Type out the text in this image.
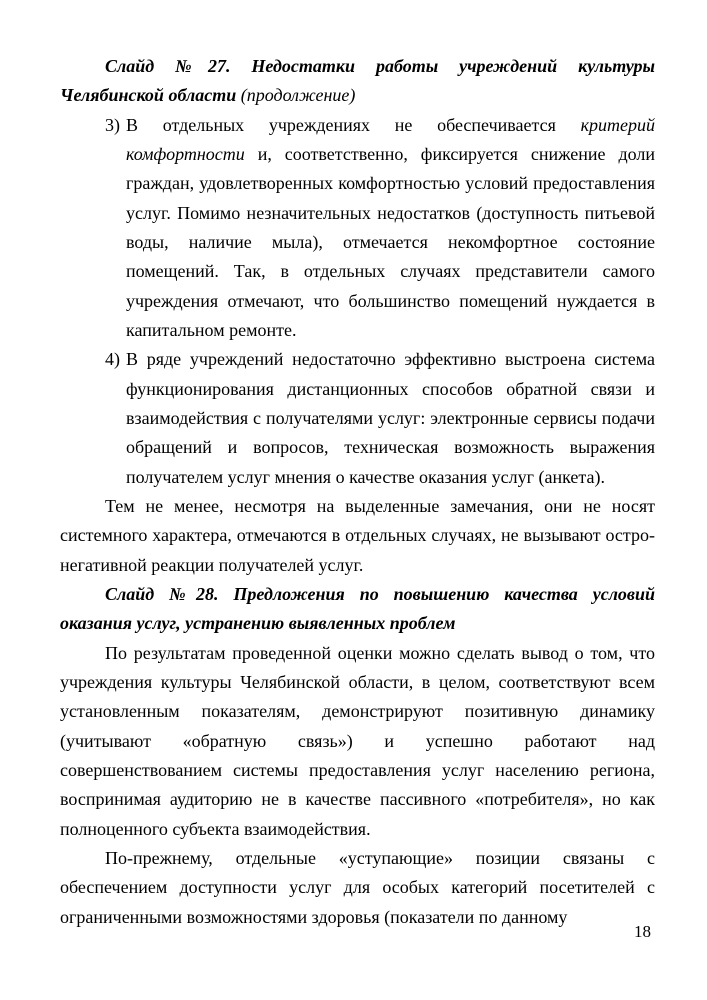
Слайд №27. Недостатки работы учреждений культуры Челябинской области (продолжение)

3) В отдельных учреждениях не обеспечивается критерий комфортности и, соответственно, фиксируется снижение доли граждан, удовлетворенных комфортностью условий предоставления услуг. Помимо незначительных недостатков (доступность питьевой воды, наличие мыла), отмечается некомфортное состояние помещений. Так, в отдельных случаях представители самого учреждения отмечают, что большинство помещений нуждается в капитальном ремонте.
4) В ряде учреждений недостаточно эффективно выстроена система функционирования дистанционных способов обратной связи и взаимодействия с получателями услуг: электронные сервисы подачи обращений и вопросов, техническая возможность выражения получателем услуг мнения о качестве оказания услуг (анкета).

Тем не менее, несмотря на выделенные замечания, они не носят системного характера, отмечаются в отдельных случаях, не вызывают остро-негативной реакции получателей услуг.

Слайд №28. Предложения по повышению качества условий оказания услуг, устранению выявленных проблем

По результатам проведенной оценки можно сделать вывод о том, что учреждения культуры Челябинской области, в целом, соответствуют всем установленным показателям, демонстрируют позитивную динамику (учитывают «обратную связь») и успешно работают над совершенствованием системы предоставления услуг населению региона, воспринимая аудиторию не в качестве пассивного «потребителя», но как полноценного субъекта взаимодействия.

По-прежнему, отдельные «уступающие» позиции связаны с обеспечением доступности услуг для особых категорий посетителей с ограниченными возможностями здоровья (показатели по данному

18
